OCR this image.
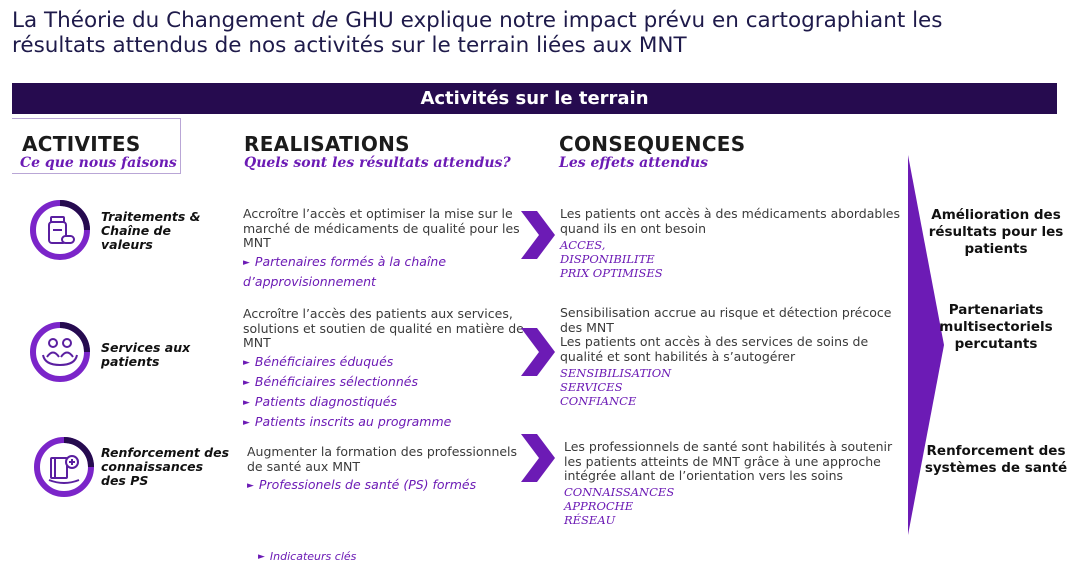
La Théorie du Changement de GHU explique notre impact prévu en cartographiant les résultats attendus de nos activités sur le terrain liées aux MNT
Activités sur le terrain
ACTIVITES
Ce que nous faisons
REALISATIONS
Quels sont les résultats attendus?
CONSEQUENCES
Les effets attendus
Traitements &
Chaîne de
valeurs
Accroître l’accès et optimiser la mise sur le marché de médicaments de qualité pour les MNT
► Partenaires formés à la chaîne d’approvisionnement
Les patients ont accès à des médicaments abordables quand ils en ont besoin
ACCES,
DISPONIBILITE
PRIX OPTIMISES
Services aux
patients
Accroître l’accès des patients aux services, solutions et soutien de qualité en matière de MNT
► Bénéficiaires éduqués
► Bénéficiaires sélectionnés
► Patients diagnostiqués
► Patients inscrits au programme
Sensibilisation accrue au risque et détection précoce des MNT
Les patients ont accès à des services de soins de qualité et sont habilités à s’autogérer
SENSIBILISATION
SERVICES
CONFIANCE
Renforcement des
connaissances
des PS
Augmenter la formation des professionnels de santé aux MNT
► Professionels de santé (PS) formés
Les professionnels de santé sont habilités à soutenir les patients atteints de MNT grâce à une approche intégrée allant de l’orientation vers les soins
CONNAISSANCES
APPROCHE
RÉSEAU
Amélioration des résultats pour les patients
Partenariats multisectoriels percutants
Renforcement des systèmes de santé
► Indicateurs clés
